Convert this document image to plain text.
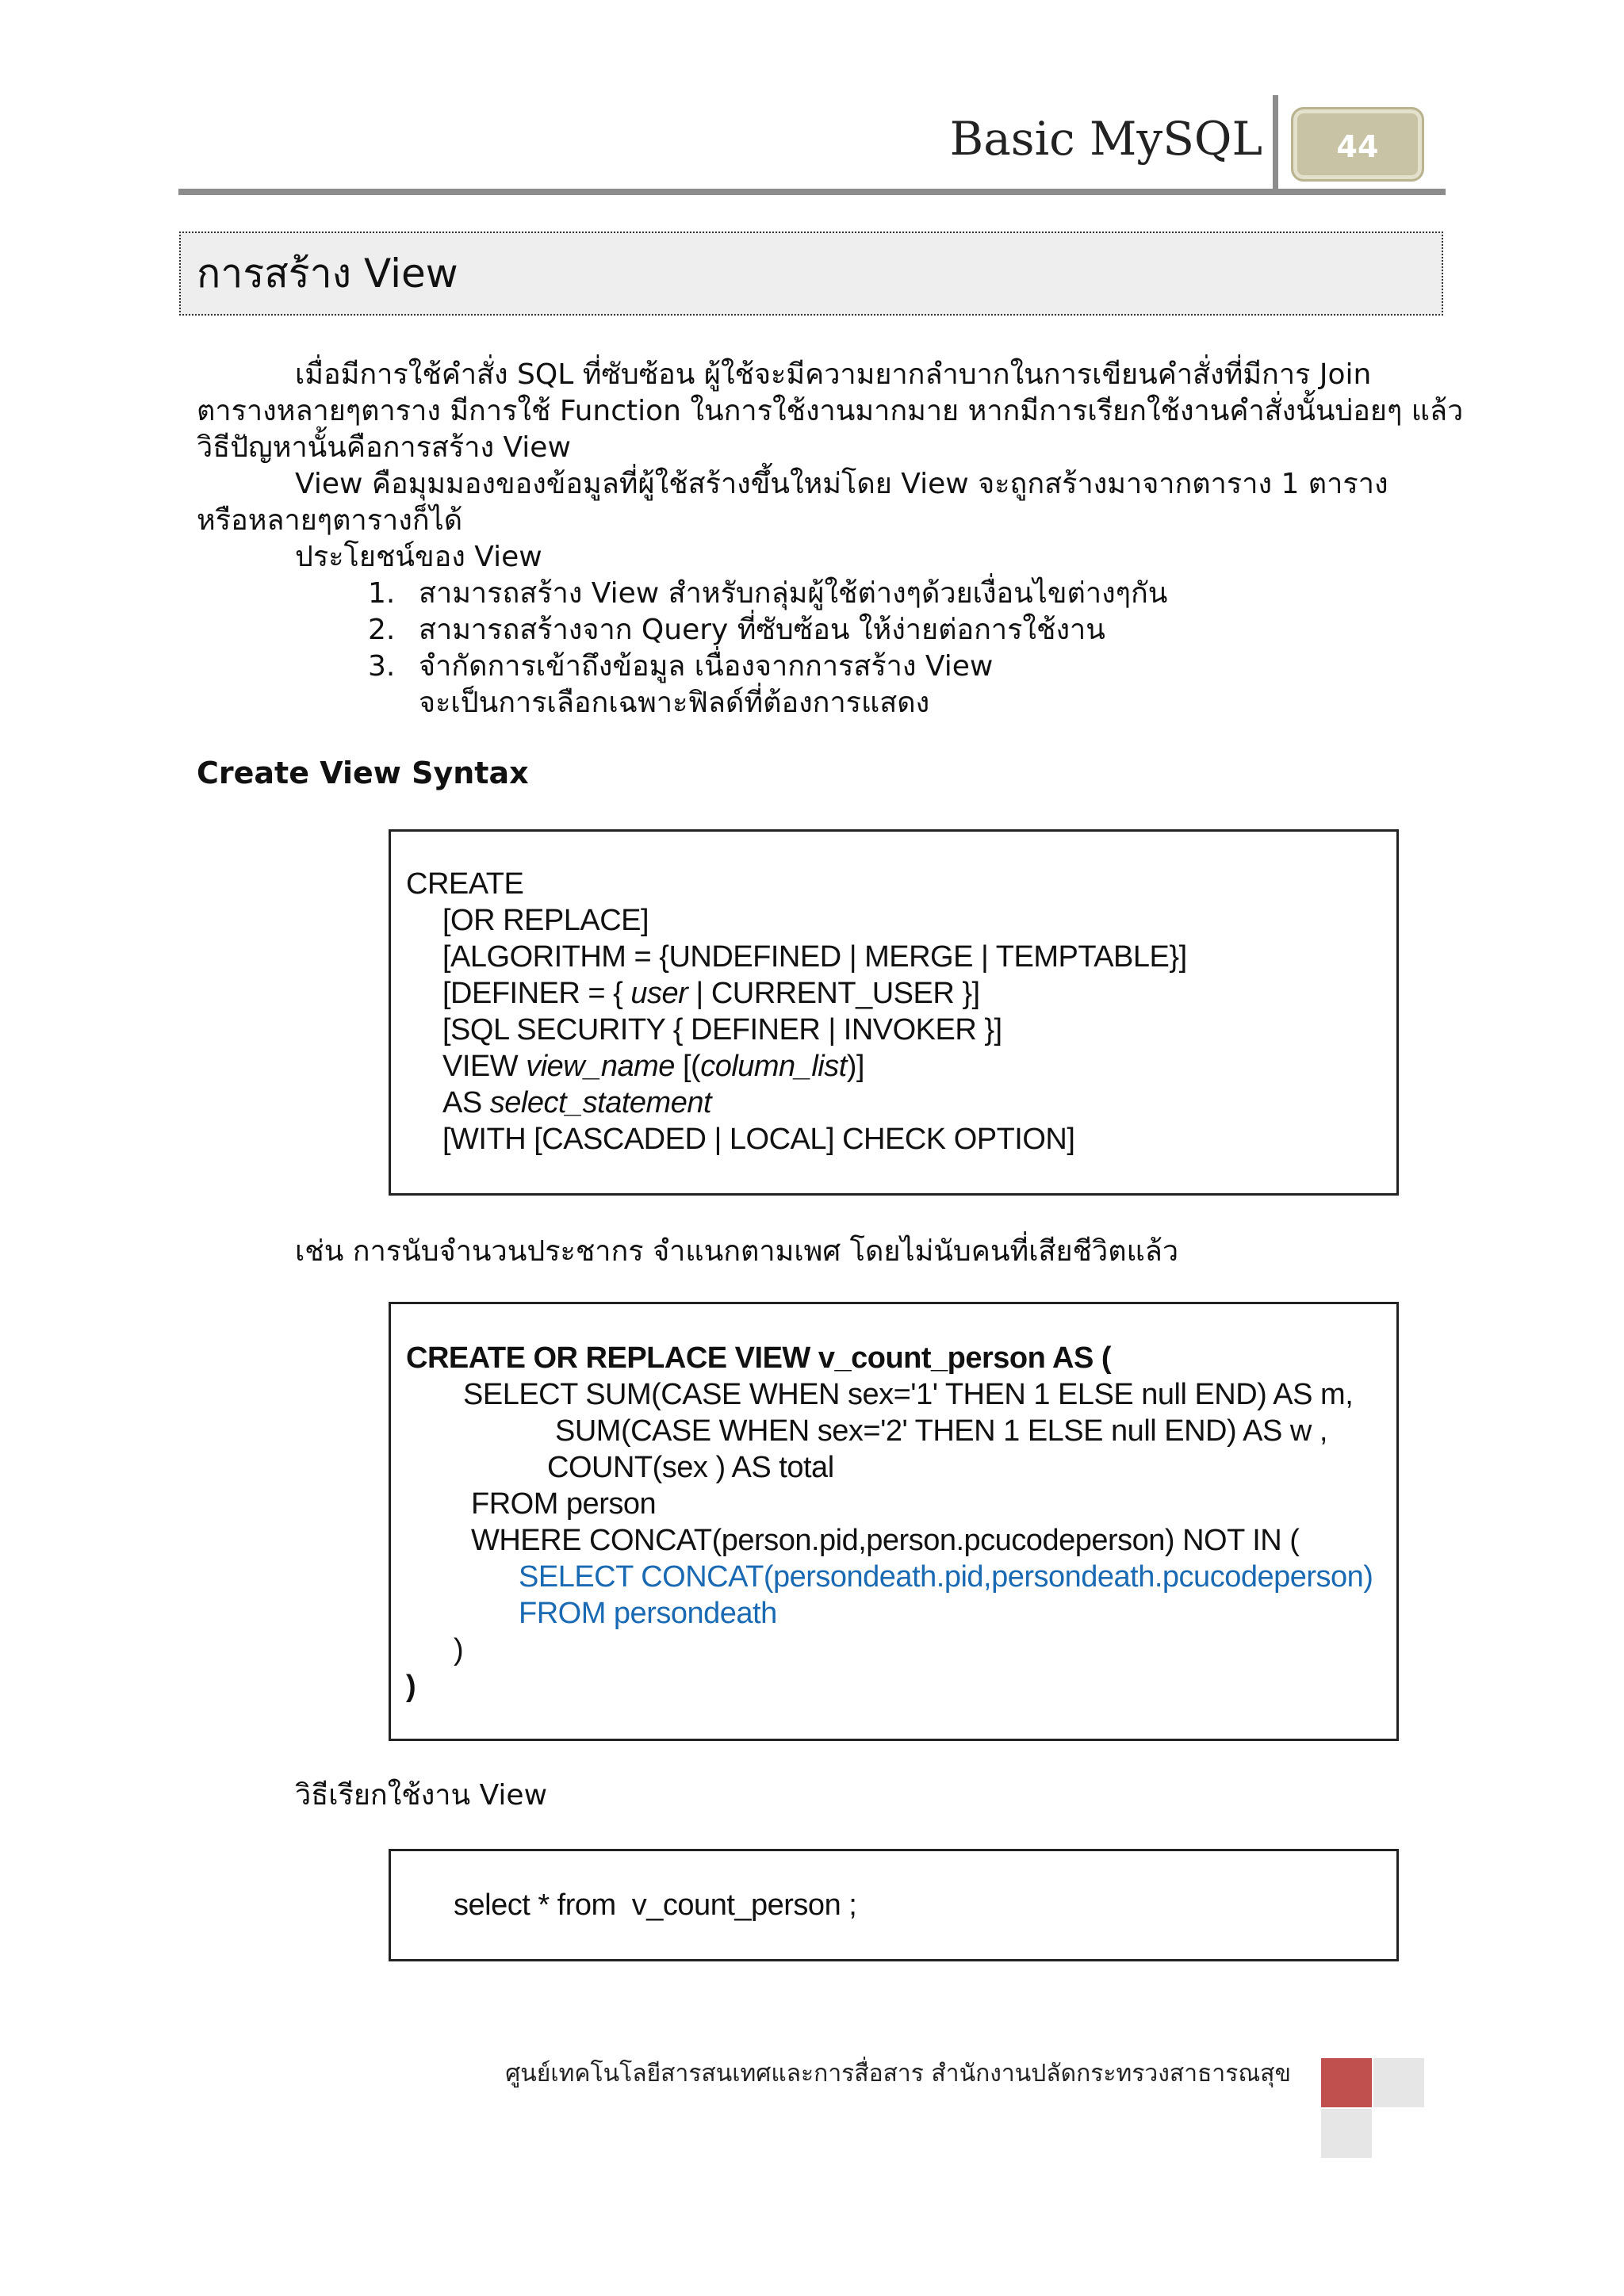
Basic MySQL	44
การสร้าง View
เมื่อมีการใช้คำสั่ง SQL ที่ซับซ้อน ผู้ใช้จะมีความยากลำบากในการเขียนคำสั่งที่มีการ Join
ตารางหลายๆตาราง มีการใช้ Function ในการใช้งานมากมาย หากมีการเรียกใช้งานคำสั่งนั้นบ่อยๆ แล้ว
วิธีปัญหานั้นคือการสร้าง View
View คือมุมมองของข้อมูลที่ผู้ใช้สร้างขึ้นใหม่โดย View จะถูกสร้างมาจากตาราง 1 ตาราง
หรือหลายๆตารางก็ได้
ประโยชน์ของ View
1. สามารถสร้าง View สำหรับกลุ่มผู้ใช้ต่างๆด้วยเงื่อนไขต่างๆกัน
2. สามารถสร้างจาก Query ที่ซับซ้อน ให้ง่ายต่อการใช้งาน
3. จำกัดการเข้าถึงข้อมูล เนื่องจากการสร้าง View
จะเป็นการเลือกเฉพาะฟิลด์ที่ต้องการแสดง
Create View Syntax
CREATE
[OR REPLACE]
[ALGORITHM = {UNDEFINED | MERGE | TEMPTABLE}]
[DEFINER = { user | CURRENT_USER }]
[SQL SECURITY { DEFINER | INVOKER }]
VIEW view_name [(column_list)]
AS select_statement
[WITH [CASCADED | LOCAL] CHECK OPTION]
เช่น การนับจำนวนประชากร จำแนกตามเพศ โดยไม่นับคนที่เสียชีวิตแล้ว
CREATE OR REPLACE VIEW v_count_person AS (
SELECT SUM(CASE WHEN sex='1' THEN 1 ELSE null END) AS m,
SUM(CASE WHEN sex='2' THEN 1 ELSE null END) AS w ,
COUNT(sex ) AS total
FROM person
WHERE CONCAT(person.pid,person.pcucodeperson) NOT IN (
SELECT CONCAT(persondeath.pid,persondeath.pcucodeperson)
FROM persondeath
)
)
วิธีเรียกใช้งาน View
select * from  v_count_person ;
ศูนย์เทคโนโลยีสารสนเทศและการสื่อสาร สำนักงานปลัดกระทรวงสาธารณสุข
